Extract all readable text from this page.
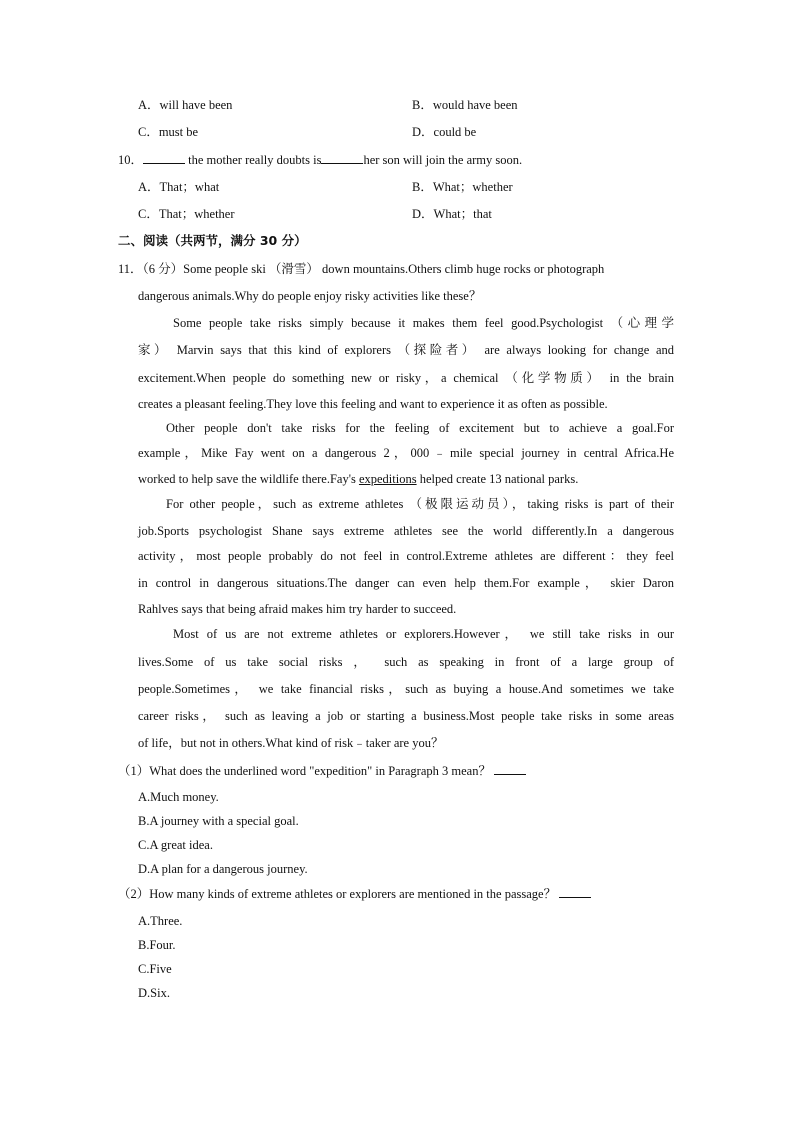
A．will have been	B．would have been
C．must be	D．could be
10．	the mother really doubts is	her son will join the army soon.
A．That；what	B．What；whether
C．That；whether	D．What；that
二、阅读（共两节，满分 30 分）
11．（6 分）Some people ski （滑雪） down mountains.Others climb huge rocks or photograph
dangerous animals.Why do people enjoy risky activities like these？
Some people take risks simply because it makes them feel good.Psychologist （心理学
家） Marvin says that this kind of explorers （探险者） are always looking for change and
excitement.When people do something new or risky，a chemical （化学物质） in the brain
creates a pleasant feeling.They love this feeling and want to experience it as often as possible.
Other people don't take risks for the feeling of excitement but to achieve a goal.For
example，Mike Fay went on a dangerous 2，000﹣mile special journey in central Africa.He
worked to help save the wildlife there.Fay's expeditions helped create 13 national parks.
For other people，such as extreme athletes （极限运动员），taking risks is part of their
job.Sports psychologist Shane says extreme athletes see the world differently.In a dangerous
activity，most people probably do not feel in control.Extreme athletes are different：they feel
in control in dangerous situations.The danger can even help them.For example， skier Daron
Rahlves says that being afraid makes him try harder to succeed.
Most of us are not extreme athletes or explorers.However， we still take risks in our
lives.Some of us take social risks ， such as speaking in front of a large group of
people.Sometimes， we take financial risks，such as buying a house.And sometimes we take
career risks， such as leaving a job or starting a business.Most people take risks in some areas
of life，but not in others.What kind of risk﹣taker are you？
（1）What does the underlined word "expedition" in Paragraph 3 mean？
A.Much money.
B.A journey with a special goal.
C.A great idea.
D.A plan for a dangerous journey.
（2）How many kinds of extreme athletes or explorers are mentioned in the passage？
A.Three.
B.Four.
C.Five
D.Six.
